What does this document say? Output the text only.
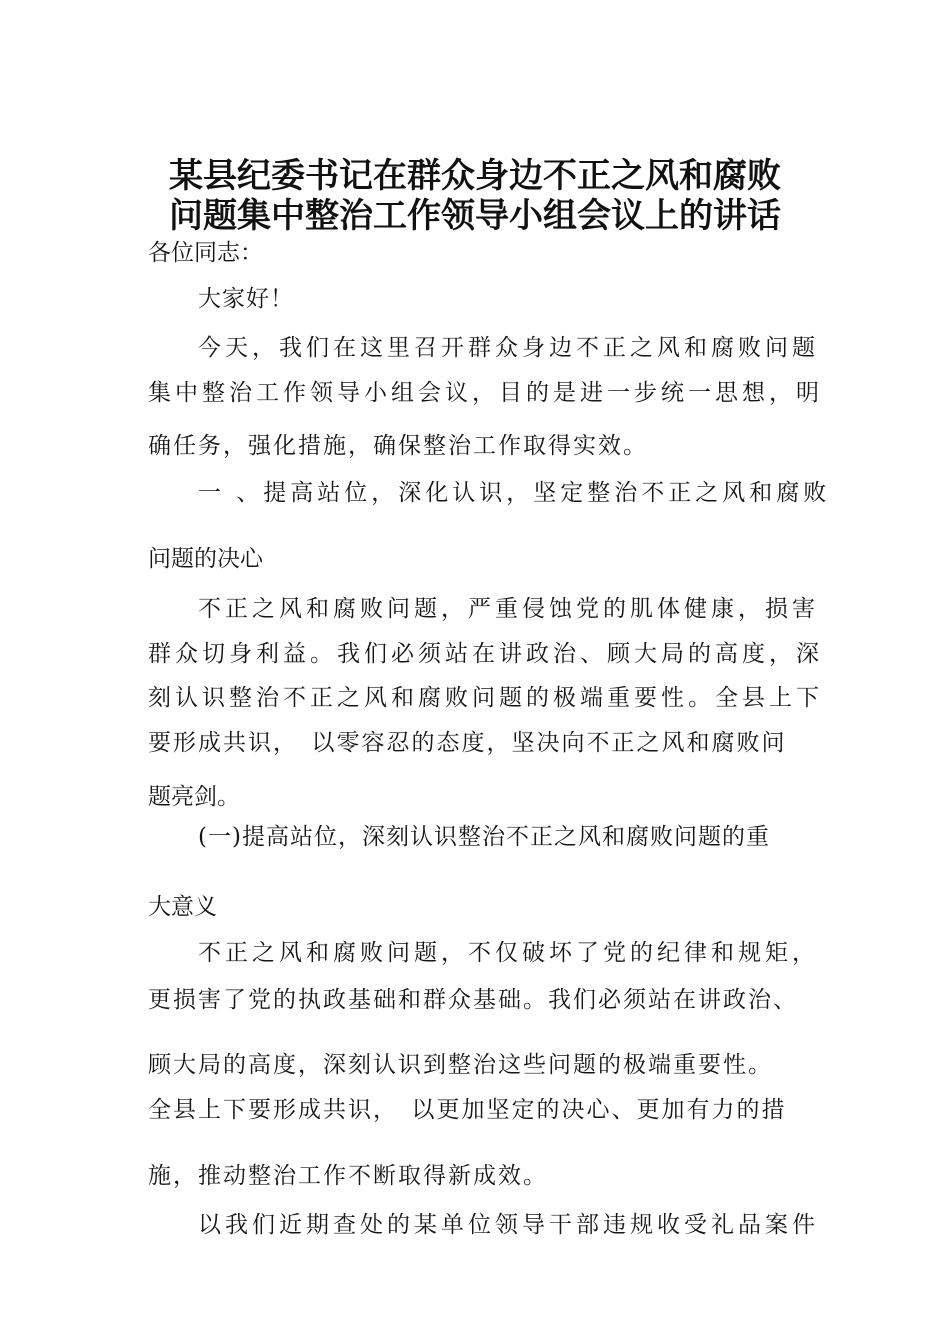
某县纪委书记在群众身边不正之风和腐败
问题集中整治工作领导小组会议上的讲话
各位同志：
大家好！
今天，我们在这里召开群众身边不正之风和腐败问题
集中整治工作领导小组会议，目的是进一步统一思想，明
确任务，强化措施，确保整治工作取得实效。
一 、提高站位，深化认识，坚定整治不正之风和腐败
问题的决心
不正之风和腐败问题，严重侵蚀党的肌体健康，损害
群众切身利益。我们必须站在讲政治、顾大局的高度，深
刻认识整治不正之风和腐败问题的极端重要性。全县上下
要形成共识，　以零容忍的态度，坚决向不正之风和腐败问
题亮剑。
(一)提高站位，深刻认识整治不正之风和腐败问题的重
大意义
不正之风和腐败问题，不仅破坏了党的纪律和规矩，
更损害了党的执政基础和群众基础。我们必须站在讲政治、
顾大局的高度，深刻认识到整治这些问题的极端重要性。
全县上下要形成共识，　以更加坚定的决心、更加有力的措
施，推动整治工作不断取得新成效。
以我们近期查处的某单位领导干部违规收受礼品案件
